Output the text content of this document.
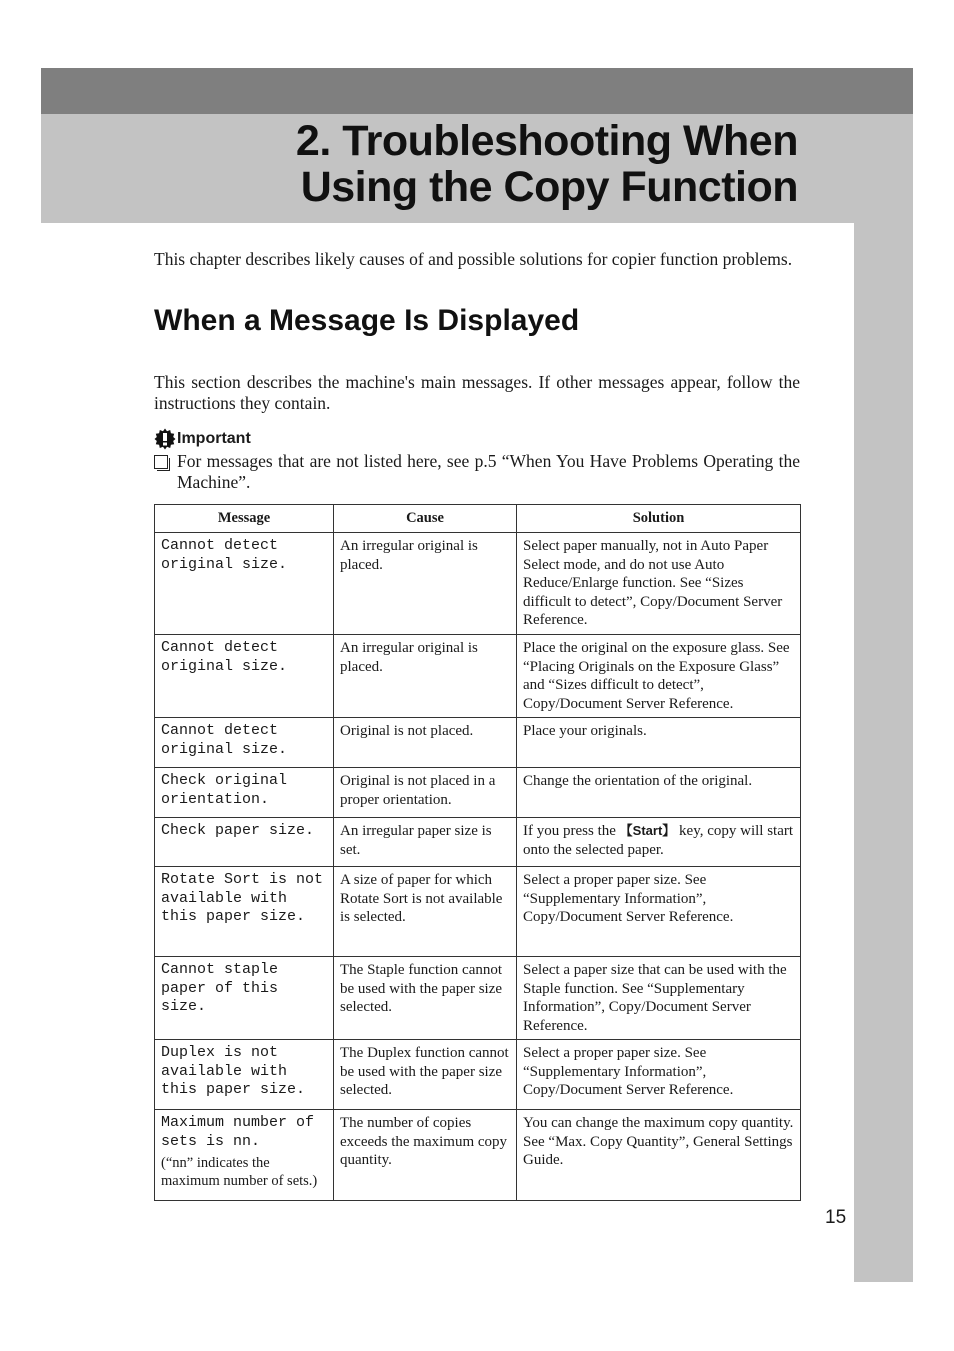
2. Troubleshooting When
Using the Copy Function

This chapter describes likely causes of and possible solutions for copier function problems.

When a Message Is Displayed

This section describes the machine's main messages. If other messages appear, follow the instructions they contain.

Important
For messages that are not listed here, see p.5 “When You Have Problems Operating the Machine”.
Message	Cause	Solution
Cannot detect original size.	An irregular original is placed.	Select paper manually, not in Auto Paper Select mode, and do not use Auto Reduce/Enlarge function. See “Sizes difficult to detect”, Copy/Document Server Reference.
Cannot detect original size.	An irregular original is placed.	Place the original on the exposure glass. See “Placing Originals on the Exposure Glass” and “Sizes difficult to detect”, Copy/Document Server Reference.
Cannot detect original size.	Original is not placed.	Place your originals.
Check original orientation.	Original is not placed in a proper orientation.	Change the orientation of the original.
Check paper size.	An irregular paper size is set.	If you press the 【Start】 key, copy will start onto the selected paper.
Rotate Sort is not available with this paper size.	A size of paper for which Rotate Sort is not available is selected.	Select a proper paper size. See “Supplementary Information”, Copy/Document Server Reference.
Cannot staple paper of this size.	The Staple function cannot be used with the paper size selected.	Select a paper size that can be used with the Staple function. See “Supplementary Information”, Copy/Document Server Reference.
Duplex is not available with this paper size.	The Duplex function cannot be used with the paper size selected.	Select a proper paper size. See “Supplementary Information”, Copy/Document Server Reference.
Maximum number of sets is nn.
(“nn” indicates the maximum number of sets.)	The number of copies exceeds the maximum copy quantity.	You can change the maximum copy quantity. See “Max. Copy Quantity”, General Settings Guide.
15
